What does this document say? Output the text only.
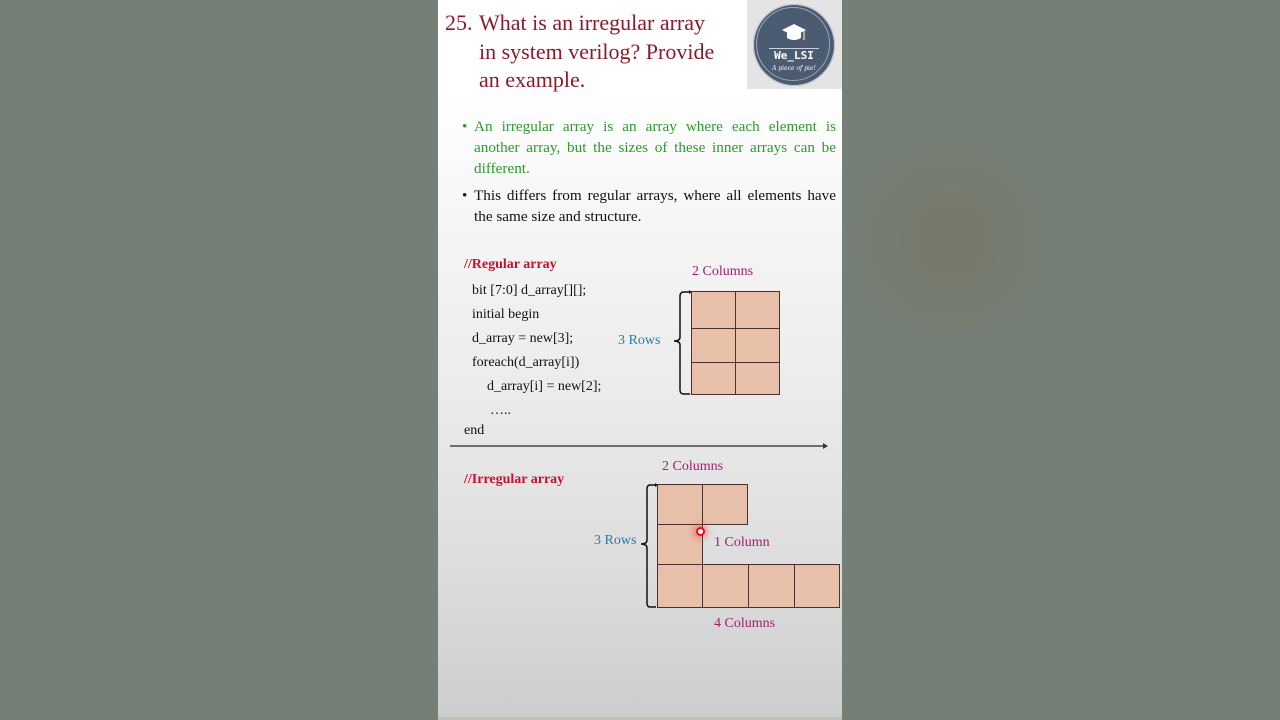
25. What is an irregular array
in system verilog? Provide
an example.
We_LSI
A piece of pie!
• An irregular array is an array where each element is another array, but the sizes of these inner arrays can be different.
• This differs from regular arrays, where all elements have the same size and structure.
//Regular array
bit [7:0] d_array[][];
initial begin
d_array = new[3];
foreach(d_array[i])
d_array[i] = new[2];
…..
end
2 Columns
3 Rows
//Irregular array
2 Columns
3 Rows	1 Column
4 Columns
